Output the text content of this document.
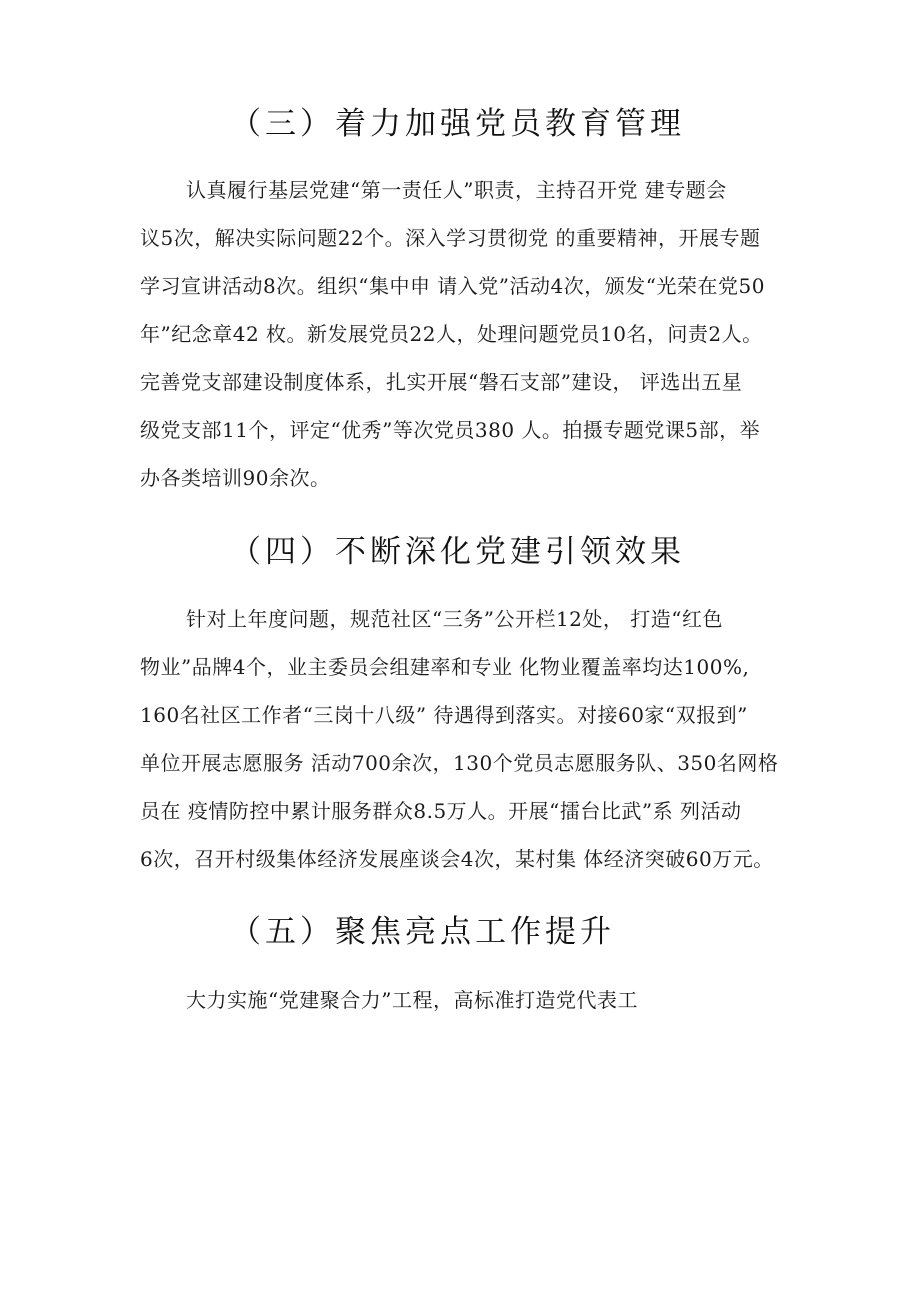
（三）着力加强党员教育管理

认真履行基层党建“第一责任人”职责，主持召开党 建专题会

议5次，解决实际问题22个。深入学习贯彻党 的重要精神，开展专题

学习宣讲活动8次。组织“集中申 请入党”活动4次，颁发“光荣在党50

年”纪念章42 枚。新发展党员22人，处理问题党员10名，问责2人。

完善党支部建设制度体系，扎实开展“磐石支部”建设， 评选出五星

级党支部11个，评定“优秀”等次党员380 人。拍摄专题党课5部，举

办各类培训90余次。

（四）不断深化党建引领效果

针对上年度问题，规范社区“三务”公开栏12处， 打造“红色

物业”品牌4个，业主委员会组建率和专业 化物业覆盖率均达100%,

160名社区工作者“三岗十八级” 待遇得到落实。对接60家“双报到”

单位开展志愿服务 活动700余次，130个党员志愿服务队、350名网格

员在 疫情防控中累计服务群众8.5万人。开展“擂台比武”系 列活动

6次，召开村级集体经济发展座谈会4次，某村集 体经济突破60万元。

（五）聚焦亮点工作提升

大力实施“党建聚合力”工程，高标准打造党代表工
